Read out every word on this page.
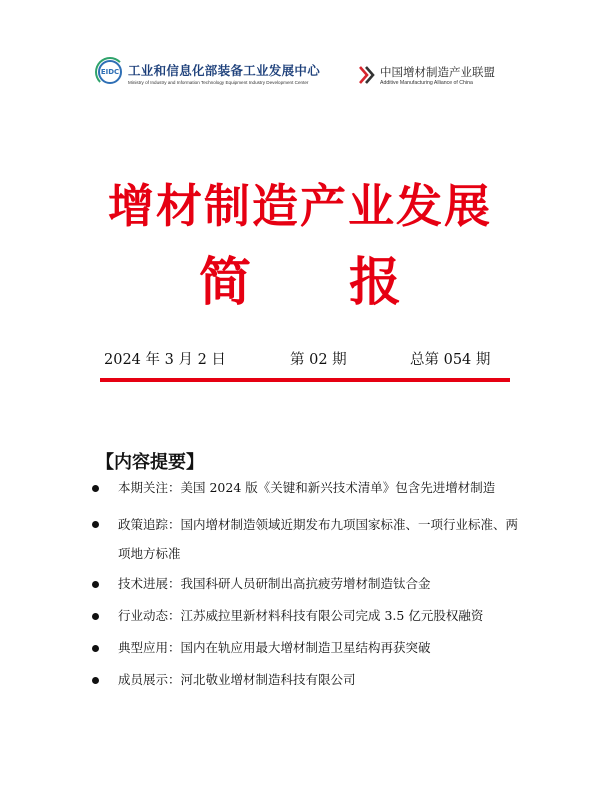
EIDC 工业和信息化部装备工业发展中心
Ministry of Industry and Information Technology Equipment Industry Development Center
中国增材制造产业联盟
Additive Manufacturing Alliance of China
增材制造产业发展
简 报
2024 年 3 月 2 日	第 02 期	总第 054 期
【内容提要】
本期关注：美国 2024 版《关键和新兴技术清单》包含先进增材制造
政策追踪：国内增材制造领域近期发布九项国家标准、一项行业标准、两项地方标准
技术进展：我国科研人员研制出高抗疲劳增材制造钛合金
行业动态：江苏威拉里新材料科技有限公司完成 3.5 亿元股权融资
典型应用：国内在轨应用最大增材制造卫星结构再获突破
成员展示：河北敬业增材制造科技有限公司
